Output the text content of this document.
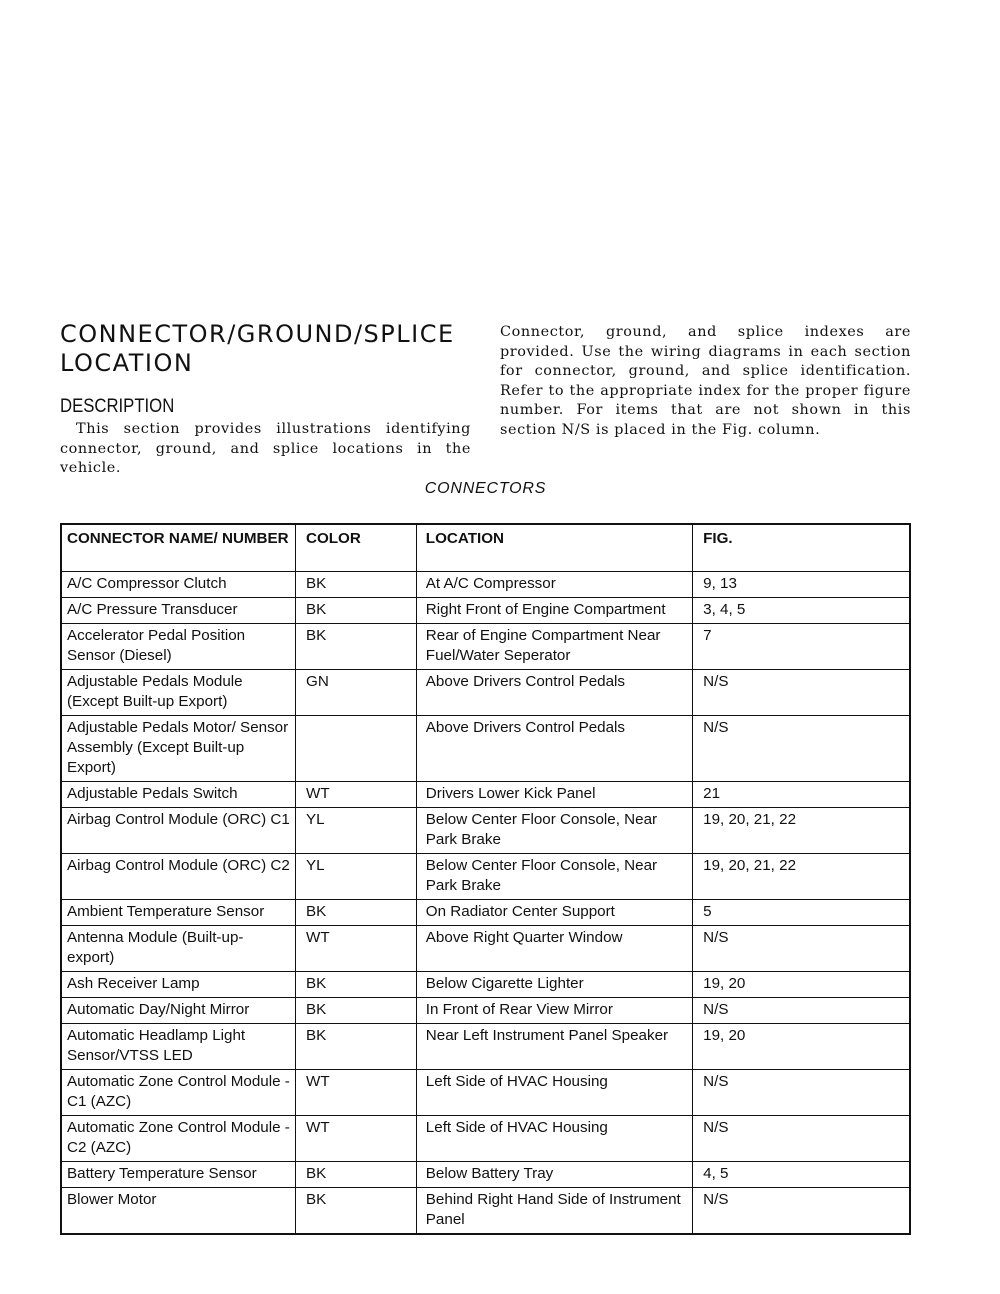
CONNECTOR/GROUND/SPLICE LOCATION
DESCRIPTION

This section provides illustrations identifying connector, ground, and splice locations in the vehicle.

Connector, ground, and splice indexes are provided. Use the wiring diagrams in each section for connector, ground, and splice identification. Refer to the appropriate index for the proper figure number. For items that are not shown in this section N/S is placed in the Fig. column.

CONNECTORS
CONNECTOR NAME/ NUMBER	COLOR	LOCATION	FIG.
A/C Compressor Clutch	BK	At A/C Compressor	9, 13
A/C Pressure Transducer	BK	Right Front of Engine Compartment	3, 4, 5
Accelerator Pedal Position Sensor (Diesel)	BK	Rear of Engine Compartment Near Fuel/Water Seperator	7
Adjustable Pedals Module (Except Built-up Export)	GN	Above Drivers Control Pedals	N/S
Adjustable Pedals Motor/ Sensor Assembly (Except Built-up Export)		Above Drivers Control Pedals	N/S
Adjustable Pedals Switch	WT	Drivers Lower Kick Panel	21
Airbag Control Module (ORC) C1	YL	Below Center Floor Console, Near Park Brake	19, 20, 21, 22
Airbag Control Module (ORC) C2	YL	Below Center Floor Console, Near Park Brake	19, 20, 21, 22
Ambient Temperature Sensor	BK	On Radiator Center Support	5
Antenna Module (Built-up-export)	WT	Above Right Quarter Window	N/S
Ash Receiver Lamp	BK	Below Cigarette Lighter	19, 20
Automatic Day/Night Mirror	BK	In Front of Rear View Mirror	N/S
Automatic Headlamp Light Sensor/VTSS LED	BK	Near Left Instrument Panel Speaker	19, 20
Automatic Zone Control Module - C1 (AZC)	WT	Left Side of HVAC Housing	N/S
Automatic Zone Control Module - C2 (AZC)	WT	Left Side of HVAC Housing	N/S
Battery Temperature Sensor	BK	Below Battery Tray	4, 5
Blower Motor	BK	Behind Right Hand Side of Instrument Panel	N/S
